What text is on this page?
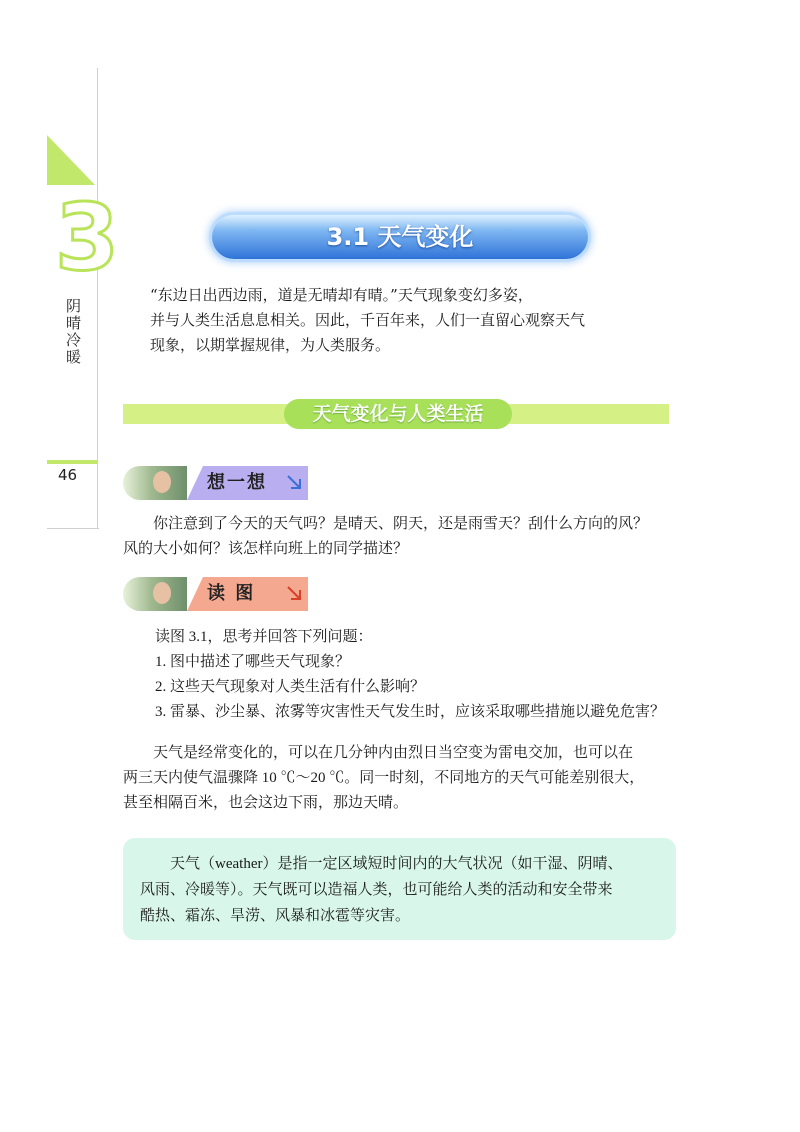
3
阴晴冷暖
46
3.1 天气变化
“东边日出西边雨，道是无晴却有晴。”天气现象变幻多姿，
并与人类生活息息相关。因此，千百年来，人们一直留心观察天气
现象，以期掌握规律，为人类服务。
天气变化与人类生活
想一想
　　你注意到了今天的天气吗？是晴天、阴天，还是雨雪天？刮什么方向的风？
风的大小如何？该怎样向班上的同学描述？
读 图
读图 3.1，思考并回答下列问题：
1. 图中描述了哪些天气现象？
2. 这些天气现象对人类生活有什么影响？
3. 雷暴、沙尘暴、浓雾等灾害性天气发生时，应该采取哪些措施以避免危害？
　　天气是经常变化的，可以在几分钟内由烈日当空变为雷电交加，也可以在
两三天内使气温骤降 10 ℃～20 ℃。同一时刻，不同地方的天气可能差别很大，
甚至相隔百米，也会这边下雨，那边天晴。
　　天气（weather）是指一定区域短时间内的大气状况（如干湿、阴晴、
风雨、冷暖等）。天气既可以造福人类，也可能给人类的活动和安全带来
酷热、霜冻、旱涝、风暴和冰雹等灾害。
